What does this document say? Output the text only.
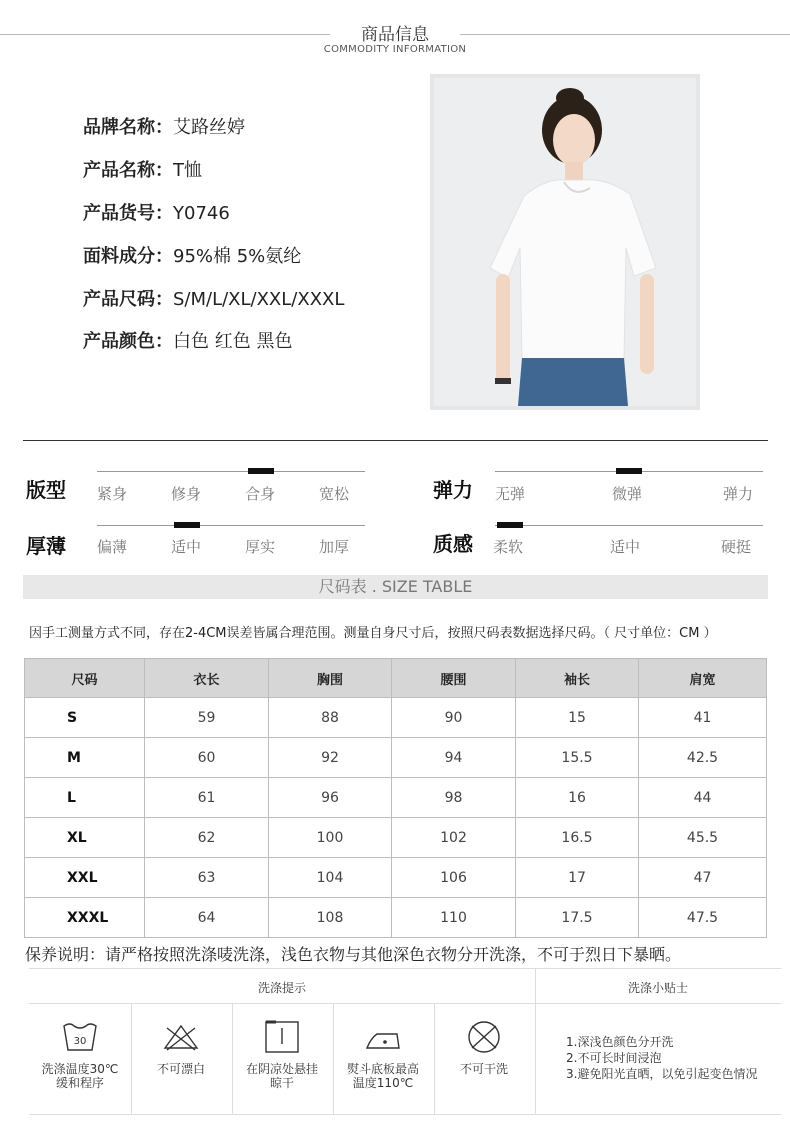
商品信息
COMMODITY INFORMATION
品牌名称：艾路丝婷
产品名称：T恤
产品货号：Y0746
面料成分：95%棉 5%氨纶
产品尺码：S/M/L/XL/XXL/XXXL
产品颜色：白色 红色 黑色
版型 紧身	修身	合身	宽松	弹力 无弹	微弹	弹力
厚薄 偏薄	适中	厚实	加厚	质感 柔软	适中	硬挺
尺码表 . SIZE TABLE
因手工测量方式不同，存在2-4CM误差皆属合理范围。测量自身尺寸后，按照尺码表数据选择尺码。（ 尺寸单位：CM ）
尺码	衣长	胸围	腰围	袖长	肩宽
S	59	88	90	15	41
M	60	92	94	15.5	42.5
L	61	96	98	16	44
XL	62	100	102	16.5	45.5
XXL	63	104	106	17	47
XXXL	64	108	110	17.5	47.5
保养说明：请严格按照洗涤唛洗涤，浅色衣物与其他深色衣物分开洗涤，不可于烈日下暴晒。
洗涤提示	洗涤小贴士
30
洗涤温度30℃
缓和程序
不可漂白	在阴凉处悬挂
晾干
熨斗底板最高
温度110℃
不可干洗

1.深浅色颜色分开洗
2.不可长时间浸泡
3.避免阳光直晒，以免引起变色情况
